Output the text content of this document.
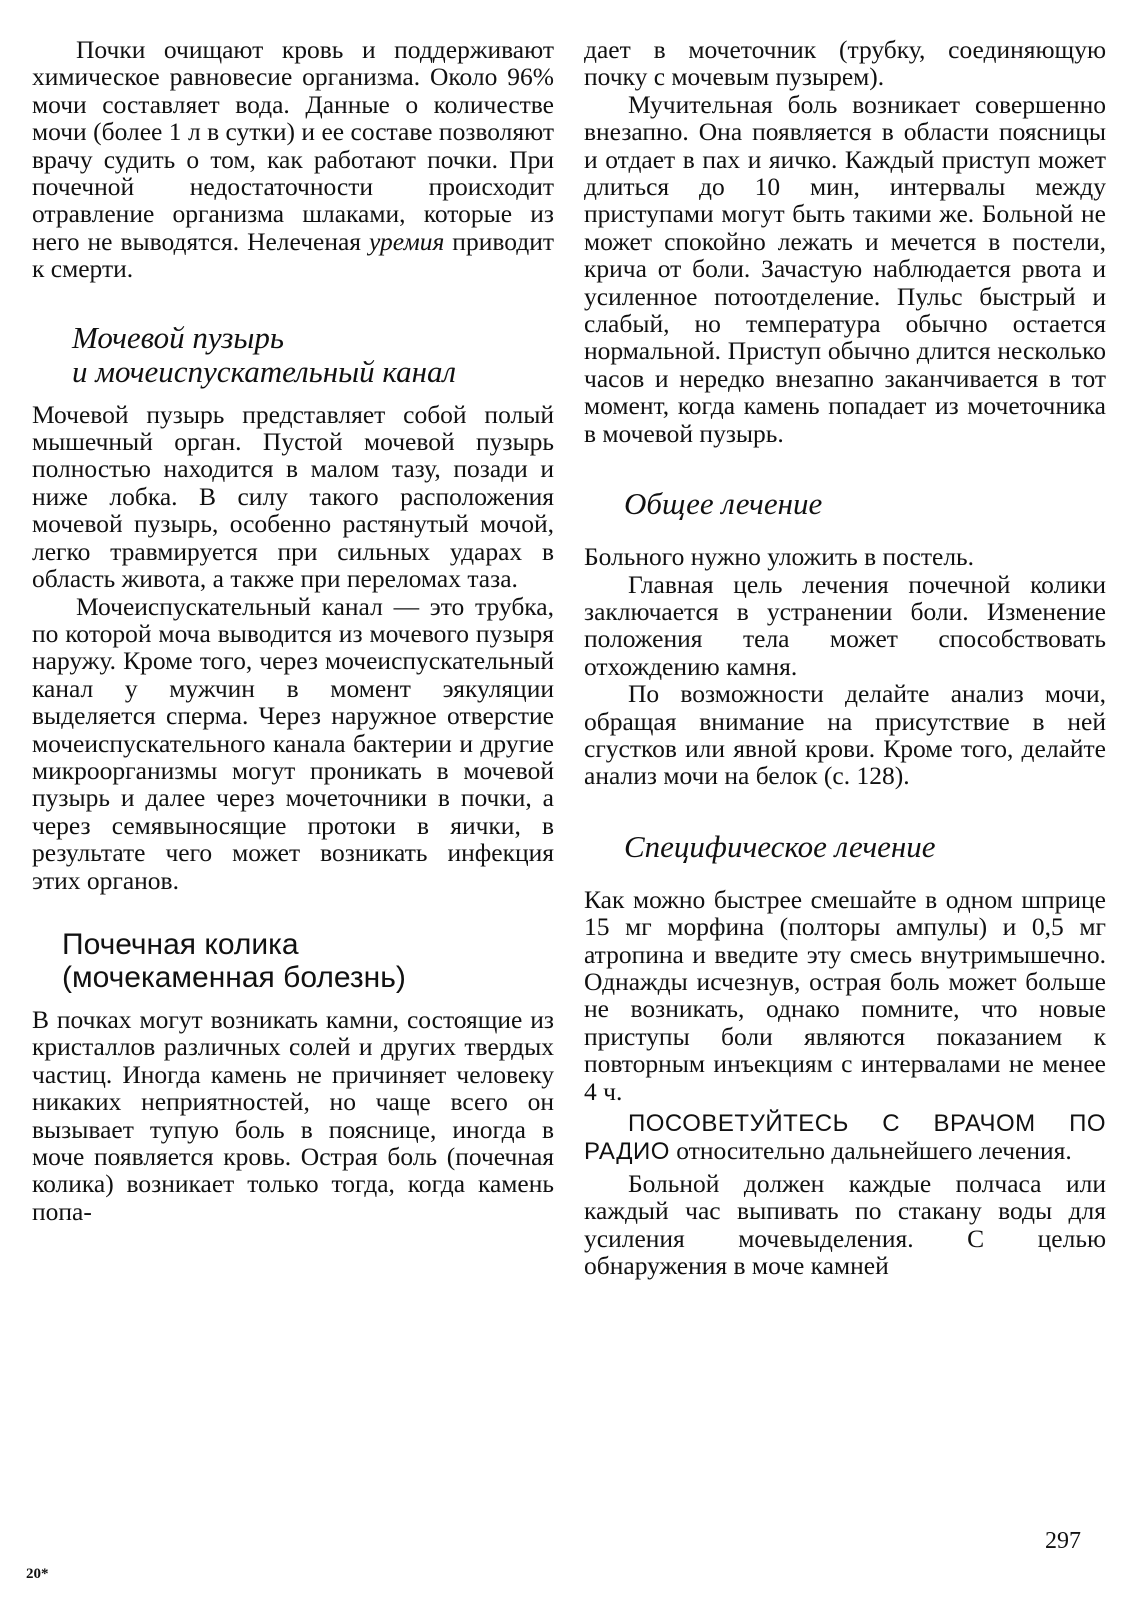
Почки очищают кровь и поддерживают химическое равновесие организма. Около 96% мочи составляет вода. Данные о количестве мочи (более 1 л в сутки) и ее составе позволяют врачу судить о том, как работают почки. При почечной недостаточности происходит отравление организма шлаками, которые из него не выводятся. Нелеченая уремия приводит к смерти.

Мочевой пузырь
и мочеиспускательный канал

Мочевой пузырь представляет собой полый мышечный орган. Пустой мочевой пузырь полностью находится в малом тазу, позади и ниже лобка. В силу такого расположения мочевой пузырь, особенно растянутый мочой, легко травмируется при сильных ударах в область живота, а также при переломах таза.

Мочеиспускательный канал — это трубка, по которой моча выводится из мочевого пузыря наружу. Кроме того, через мочеиспускательный канал у мужчин в момент эякуляции выделяется сперма. Через наружное отверстие мочеиспускательного канала бактерии и другие микроорганизмы могут проникать в мочевой пузырь и далее через мочеточники в почки, а через семявыносящие протоки в яички, в результате чего может возникать инфекция этих органов.

Почечная колика
(мочекаменная болезнь)

В почках могут возникать камни, состоящие из кристаллов различных солей и других твердых частиц. Иногда камень не причиняет человеку никаких неприятностей, но чаще всего он вызывает тупую боль в пояснице, иногда в моче появляется кровь. Острая боль (почечная колика) возникает только тогда, когда камень попа-

дает в мочеточник (трубку, соединяющую почку с мочевым пузырем).

Мучительная боль возникает совершенно внезапно. Она появляется в области поясницы и отдает в пах и яичко. Каждый приступ может длиться до 10 мин, интервалы между приступами могут быть такими же. Больной не может спокойно лежать и мечется в постели, крича от боли. Зачастую наблюдается рвота и усиленное потоотделение. Пульс быстрый и слабый, но температура обычно остается нормальной. Приступ обычно длится несколько часов и нередко внезапно заканчивается в тот момент, когда камень попадает из мочеточника в мочевой пузырь.

Общее лечение

Больного нужно уложить в постель.

Главная цель лечения почечной колики заключается в устранении боли. Изменение положения тела может способствовать отхождению камня.

По возможности делайте анализ мочи, обращая внимание на присутствие в ней сгустков или явной крови. Кроме того, делайте анализ мочи на белок (с. 128).

Специфическое лечение

Как можно быстрее смешайте в одном шприце 15 мг морфина (полторы ампулы) и 0,5 мг атропина и введите эту смесь внутримышечно. Однажды исчезнув, острая боль может больше не возникать, однако помните, что новые приступы боли являются показанием к повторным инъекциям с интервалами не менее 4 ч.

ПОСОВЕТУЙТЕСЬ С ВРАЧОМ ПО РАДИО относительно дальнейшего лечения.

Больной должен каждые полчаса или каждый час выпивать по стакану воды для усиления мочевыделения. С целью обнаружения в моче камней

297
20*
